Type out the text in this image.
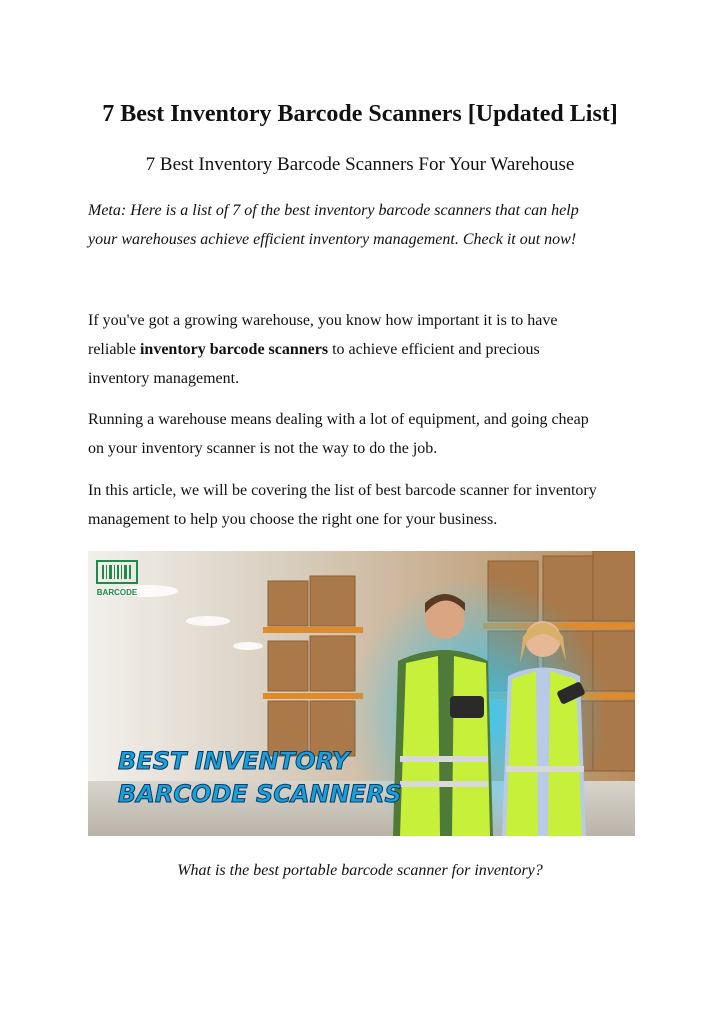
7 Best Inventory Barcode Scanners [Updated List]
7 Best Inventory Barcode Scanners For Your Warehouse
Meta: Here is a list of 7 of the best inventory barcode scanners that can help
your warehouses achieve efficient inventory management. Check it out now!
If you've got a growing warehouse, you know how important it is to have
reliable inventory barcode scanners to achieve efficient and precious
inventory management.
Running a warehouse means dealing with a lot of equipment, and going cheap
on your inventory scanner is not the way to do the job.
In this article, we will be covering the list of best barcode scanner for inventory
management to help you choose the right one for your business.
BARCODE
BEST INVENTORY
BARCODE SCANNERS
What is the best portable barcode scanner for inventory?
